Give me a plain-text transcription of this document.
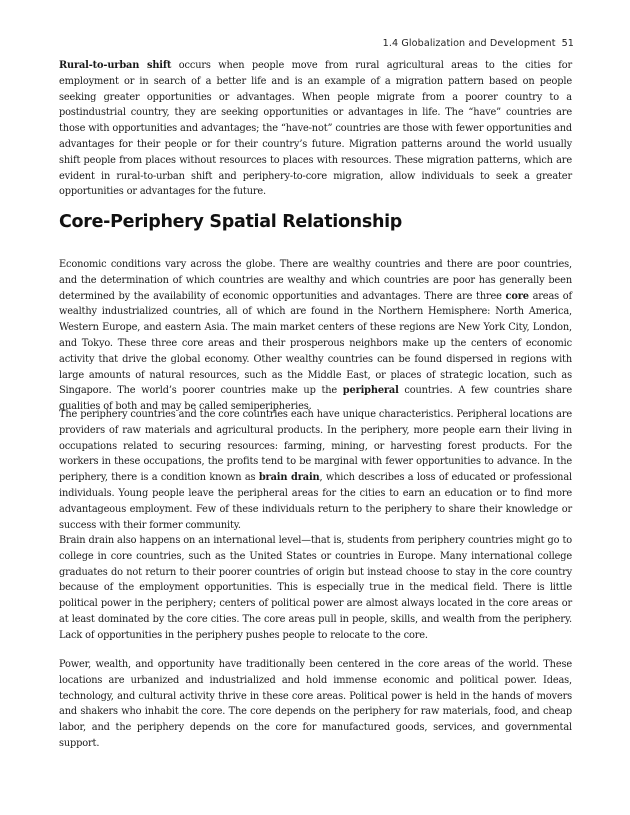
1.4 Globalization and Development 51

Rural-to-urban shift occurs when people move from rural agricultural areas to the cities for employment or in search of a better life and is an example of a migration pattern based on people seeking greater opportunities or advantages. When people migrate from a poorer country to a postindustrial country, they are seeking opportunities or advantages in life. The “have” countries are those with opportunities and advantages; the “have-not” countries are those with fewer opportunities and advantages for their people or for their country’s future. Migration patterns around the world usually shift people from places without resources to places with resources. These migration patterns, which are evident in rural-to-urban shift and periphery-to-core migration, allow individuals to seek a greater opportunities or advantages for the future.

Core-Periphery Spatial Relationship

Economic conditions vary across the globe. There are wealthy countries and there are poor countries, and the determination of which countries are wealthy and which countries are poor has generally been determined by the availability of economic opportunities and advantages. There are three core areas of wealthy industrialized countries, all of which are found in the Northern Hemisphere: North America, Western Europe, and eastern Asia. The main market centers of these regions are New York City, London, and Tokyo. These three core areas and their prosperous neighbors make up the centers of economic activity that drive the global economy. Other wealthy countries can be found dispersed in regions with large amounts of natural resources, such as the Middle East, or places of strategic location, such as Singapore. The world’s poorer countries make up the peripheral countries. A few countries share qualities of both and may be called semiperipheries.

The periphery countries and the core countries each have unique characteristics. Peripheral locations are providers of raw materials and agricultural products. In the periphery, more people earn their living in occupations related to securing resources: farming, mining, or harvesting forest products. For the workers in these occupations, the profits tend to be marginal with fewer opportunities to advance. In the periphery, there is a condition known as brain drain, which describes a loss of educated or professional individuals. Young people leave the peripheral areas for the cities to earn an education or to find more advantageous employment. Few of these individuals return to the periphery to share their knowledge or success with their former community.

Brain drain also happens on an international level—that is, students from periphery countries might go to college in core countries, such as the United States or countries in Europe. Many international college graduates do not return to their poorer countries of origin but instead choose to stay in the core country because of the employment opportunities. This is especially true in the medical field. There is little political power in the periphery; centers of political power are almost always located in the core areas or at least dominated by the core cities. The core areas pull in people, skills, and wealth from the periphery. Lack of opportunities in the periphery pushes people to relocate to the core.

Power, wealth, and opportunity have traditionally been centered in the core areas of the world. These locations are urbanized and industrialized and hold immense economic and political power. Ideas, technology, and cultural activity thrive in these core areas. Political power is held in the hands of movers and shakers who inhabit the core. The core depends on the periphery for raw materials, food, and cheap labor, and the periphery depends on the core for manufactured goods, services, and governmental support.
